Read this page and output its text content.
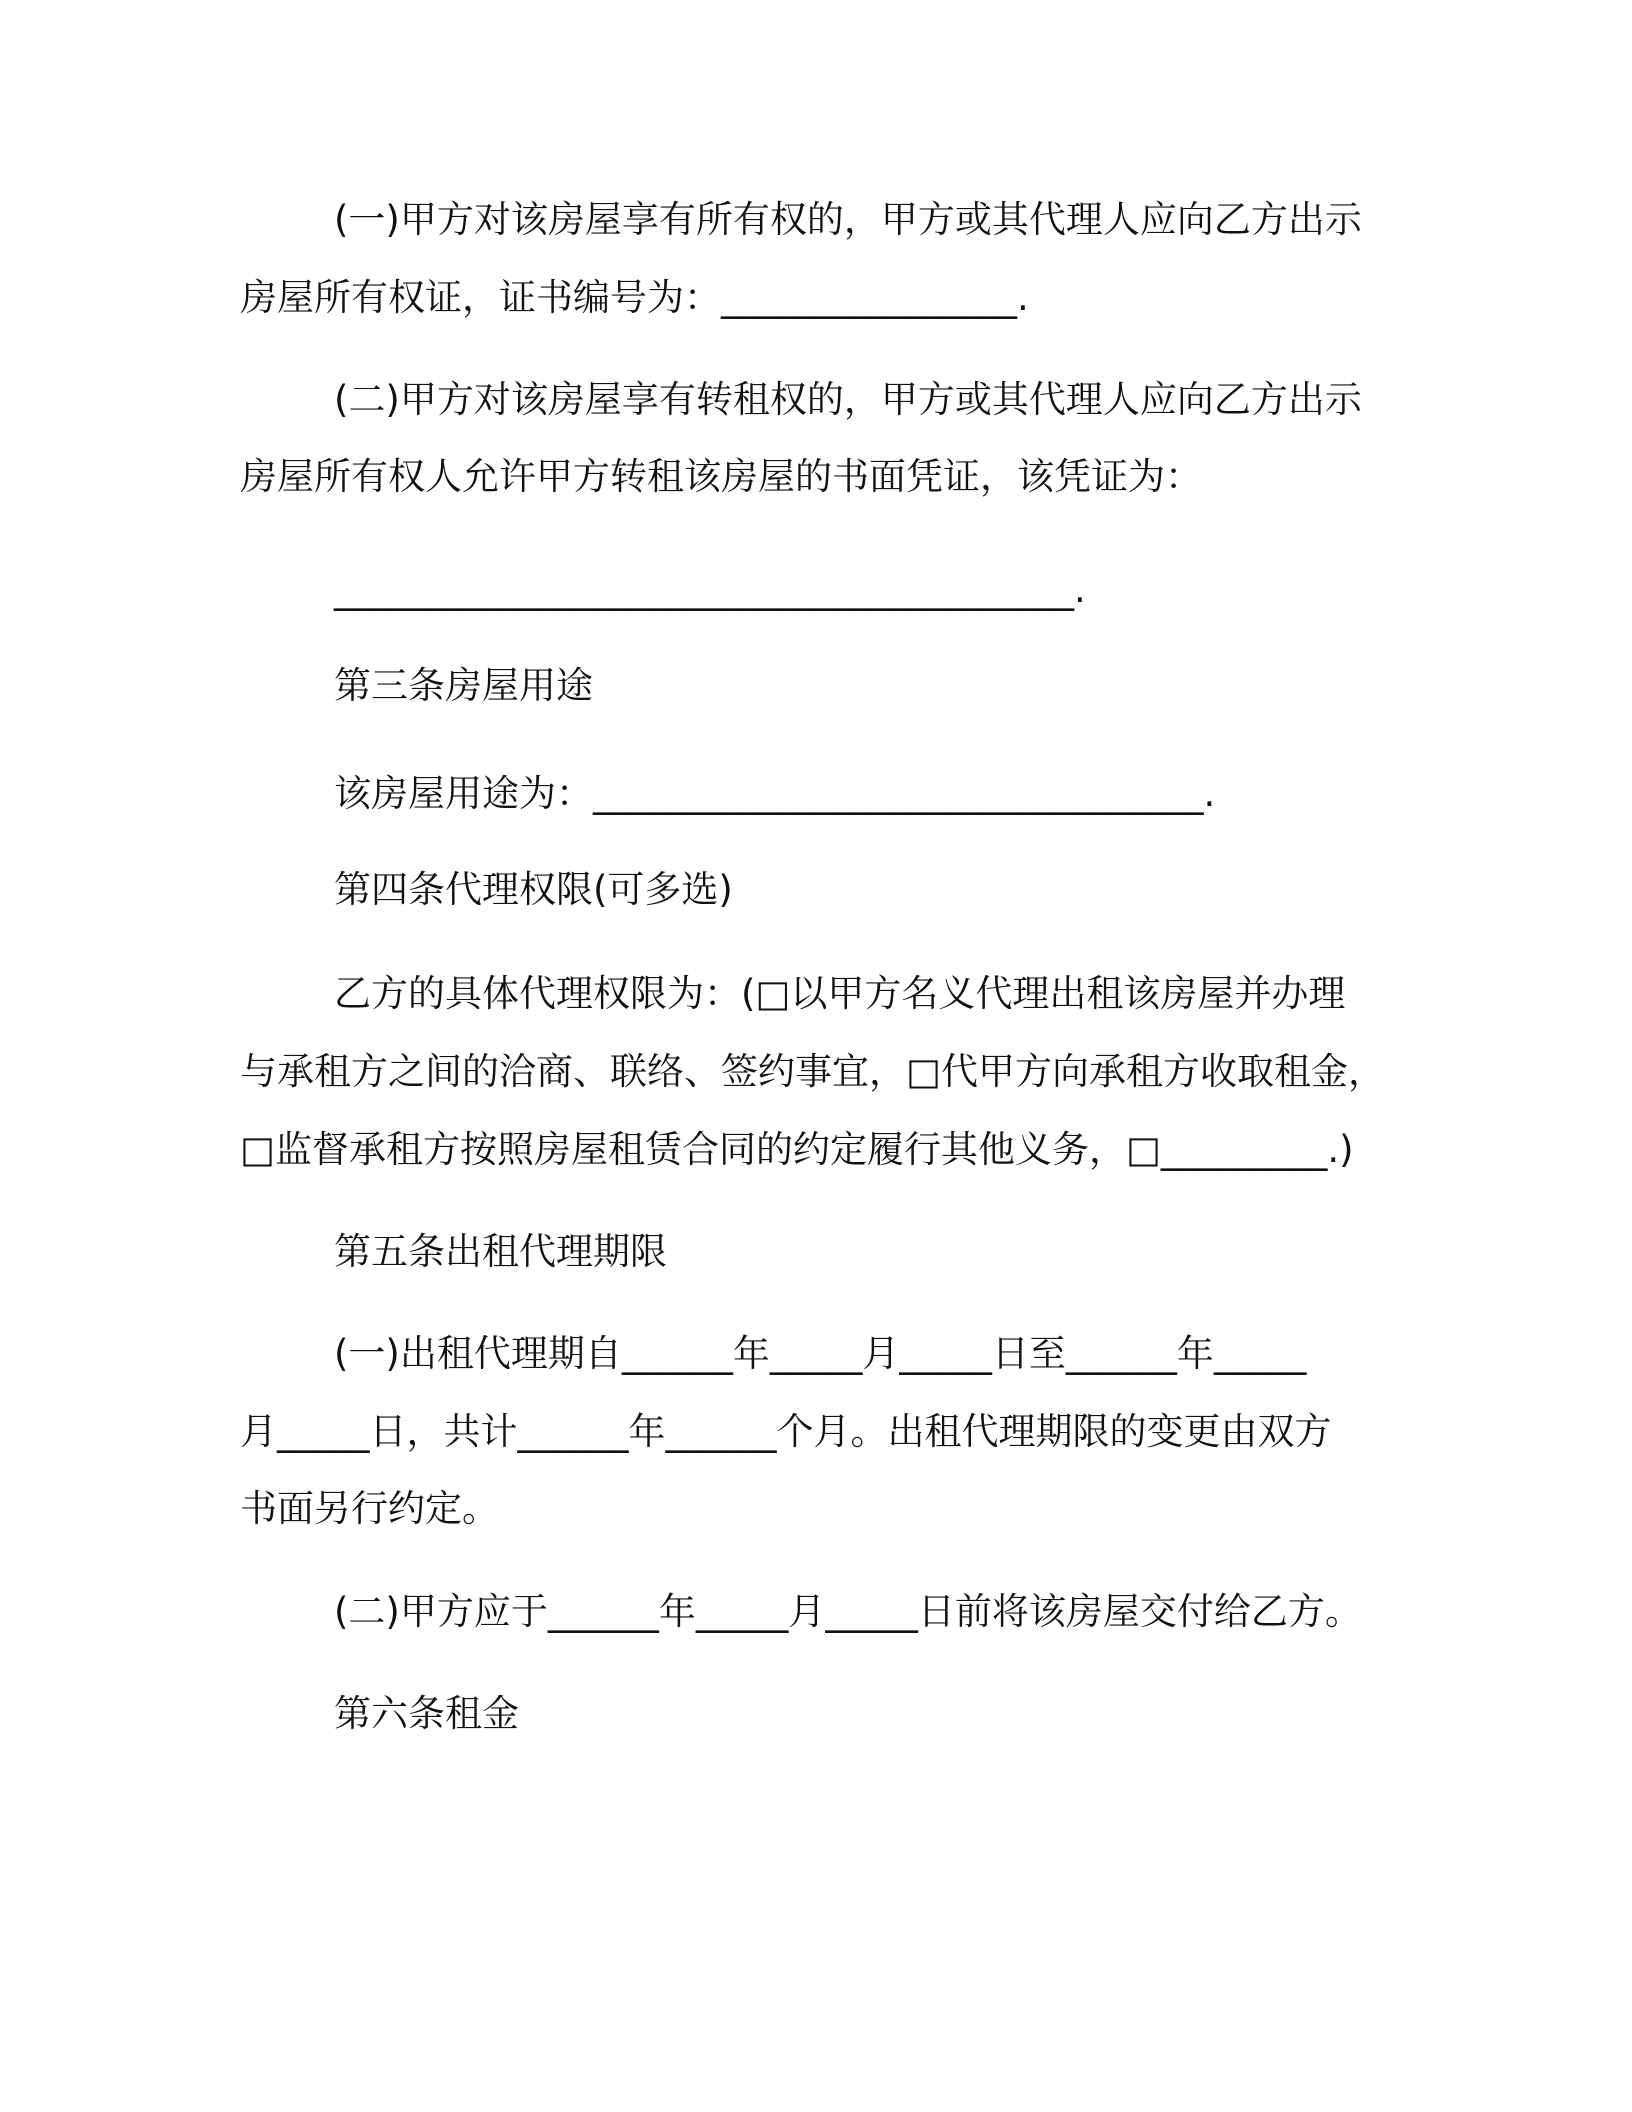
(一)甲方对该房屋享有所有权的，甲方或其代理人应向乙方出示
房屋所有权证，证书编号为：________________.
(二)甲方对该房屋享有转租权的，甲方或其代理人应向乙方出示
房屋所有权人允许甲方转租该房屋的书面凭证，该凭证为：
________________________________________.
第三条房屋用途
该房屋用途为：_________________________________.
第四条代理权限(可多选)
乙方的具体代理权限为：(□以甲方名义代理出租该房屋并办理
与承租方之间的洽商、联络、签约事宜，□代甲方向承租方收取租金，
□监督承租方按照房屋租赁合同的约定履行其他义务，□_________.)
第五条出租代理期限
(一)出租代理期自______年_____月_____日至______年_____
月_____日，共计______年______个月。出租代理期限的变更由双方
书面另行约定。
(二)甲方应于______年_____月_____日前将该房屋交付给乙方。
第六条租金
